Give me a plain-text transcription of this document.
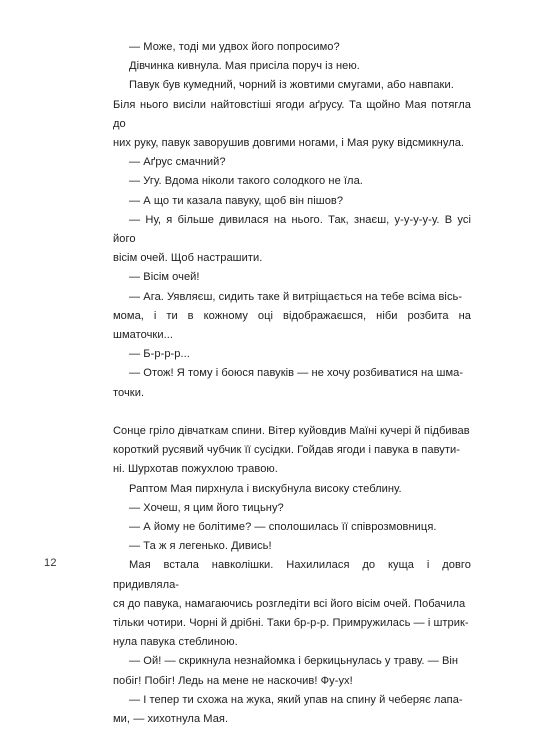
— Може, тоді ми удвох його попросимо?

Дівчинка кивнула. Мая присіла поруч із нею.

Павук був кумедний, чорний із жовтими смугами, або навпаки.
Біля нього висіли найтовстіші ягоди аґрусу. Та щойно Мая потягла до
них руку, павук заворушив довгими ногами, і Мая руку відсмикнула.

— Аґрус смачний?

— Угу. Вдома ніколи такого солодкого не їла.

— А що ти казала павуку, щоб він пішов?

— Ну, я більше дивилася на нього. Так, знаєш, у-у-у-у-у. В усі його
вісім очей. Щоб настрашити.

— Вісім очей!

— Ага. Уявляєш, сидить таке й витріщається на тебе всіма вісь-
мома, і ти в кожному оці відображаєшся, ніби розбита на шматочки...

— Б-р-р-р...

— Отож! Я тому і боюся павуків — не хочу розбиватися на шма-
точки.

Сонце гріло дівчаткам спини. Вітер куйовдив Маїні кучері й підбивав
короткий русявий чубчик її сусідки. Гойдав ягоди і павука в павути-
ні. Шурхотав пожухлою травою.

Раптом Мая пирхнула і вискубнула високу стеблину.

— Хочеш, я цим його тицьну?

— А йому не болітиме? — сполошилась її співрозмовниця.

— Та ж я легенько. Дивись!

Мая встала навколішки. Нахилилася до куща і довго придивляла-
ся до павука, намагаючись розгледіти всі його вісім очей. Побачила
тільки чотири. Чорні й дрібні. Таки бр-р-р. Примружилась — і штрик-
нула павука стеблиною.

— Ой! — скрикнула незнайомка і беркицьнулась у траву. — Він
побіг! Побіг! Ледь на мене не наскочив! Фу-ух!

— І тепер ти схожа на жука, який упав на спину й чеберяє лапа-
ми, — хихотнула Мая.

12
